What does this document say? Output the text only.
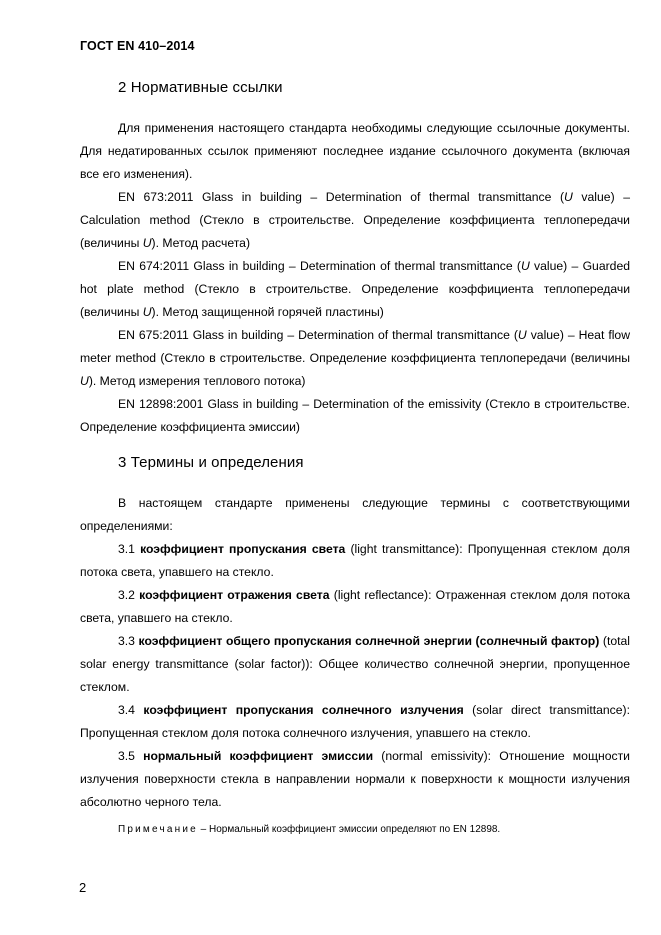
ГОСТ EN 410–2014
2 Нормативные ссылки

Для применения настоящего стандарта необходимы следующие ссылочные документы. Для недатированных ссылок применяют последнее издание ссылочного документа (включая все его изменения).

EN 673:2011 Glass in building – Determination of thermal transmittance (U value) – Calculation method (Стекло в строительстве. Определение коэффициента теплопередачи (величины U). Метод расчета)

EN 674:2011 Glass in building – Determination of thermal transmittance (U value) – Guarded hot plate method (Стекло в строительстве. Определение коэффициента теплопередачи (величины U). Метод защищенной горячей пластины)

EN 675:2011 Glass in building – Determination of thermal transmittance (U value) – Heat flow meter method (Стекло в строительстве. Определение коэффициента теплопередачи (величины U). Метод измерения теплового потока)

EN 12898:2001 Glass in building – Determination of the emissivity (Стекло в строительстве. Определение коэффициента эмиссии)

3 Термины и определения

В настоящем стандарте применены следующие термины с соответствующими определениями:

3.1 коэффициент пропускания света (light transmittance): Пропущенная стеклом доля потока света, упавшего на стекло.

3.2 коэффициент отражения света (light reflectance): Отраженная стеклом доля потока света, упавшего на стекло.

3.3 коэффициент общего пропускания солнечной энергии (солнечный фактор) (total solar energy transmittance (solar factor)): Общее количество солнечной энергии, пропущенное стеклом.

3.4 коэффициент пропускания солнечного излучения (solar direct transmittance): Пропущенная стеклом доля потока солнечного излучения, упавшего на стекло.

3.5 нормальный коэффициент эмиссии (normal emissivity): Отношение мощности излучения поверхности стекла в направлении нормали к поверхности к мощности излучения абсолютно черного тела.

Примечание – Нормальный коэффициент эмиссии определяют по EN 12898.
2
